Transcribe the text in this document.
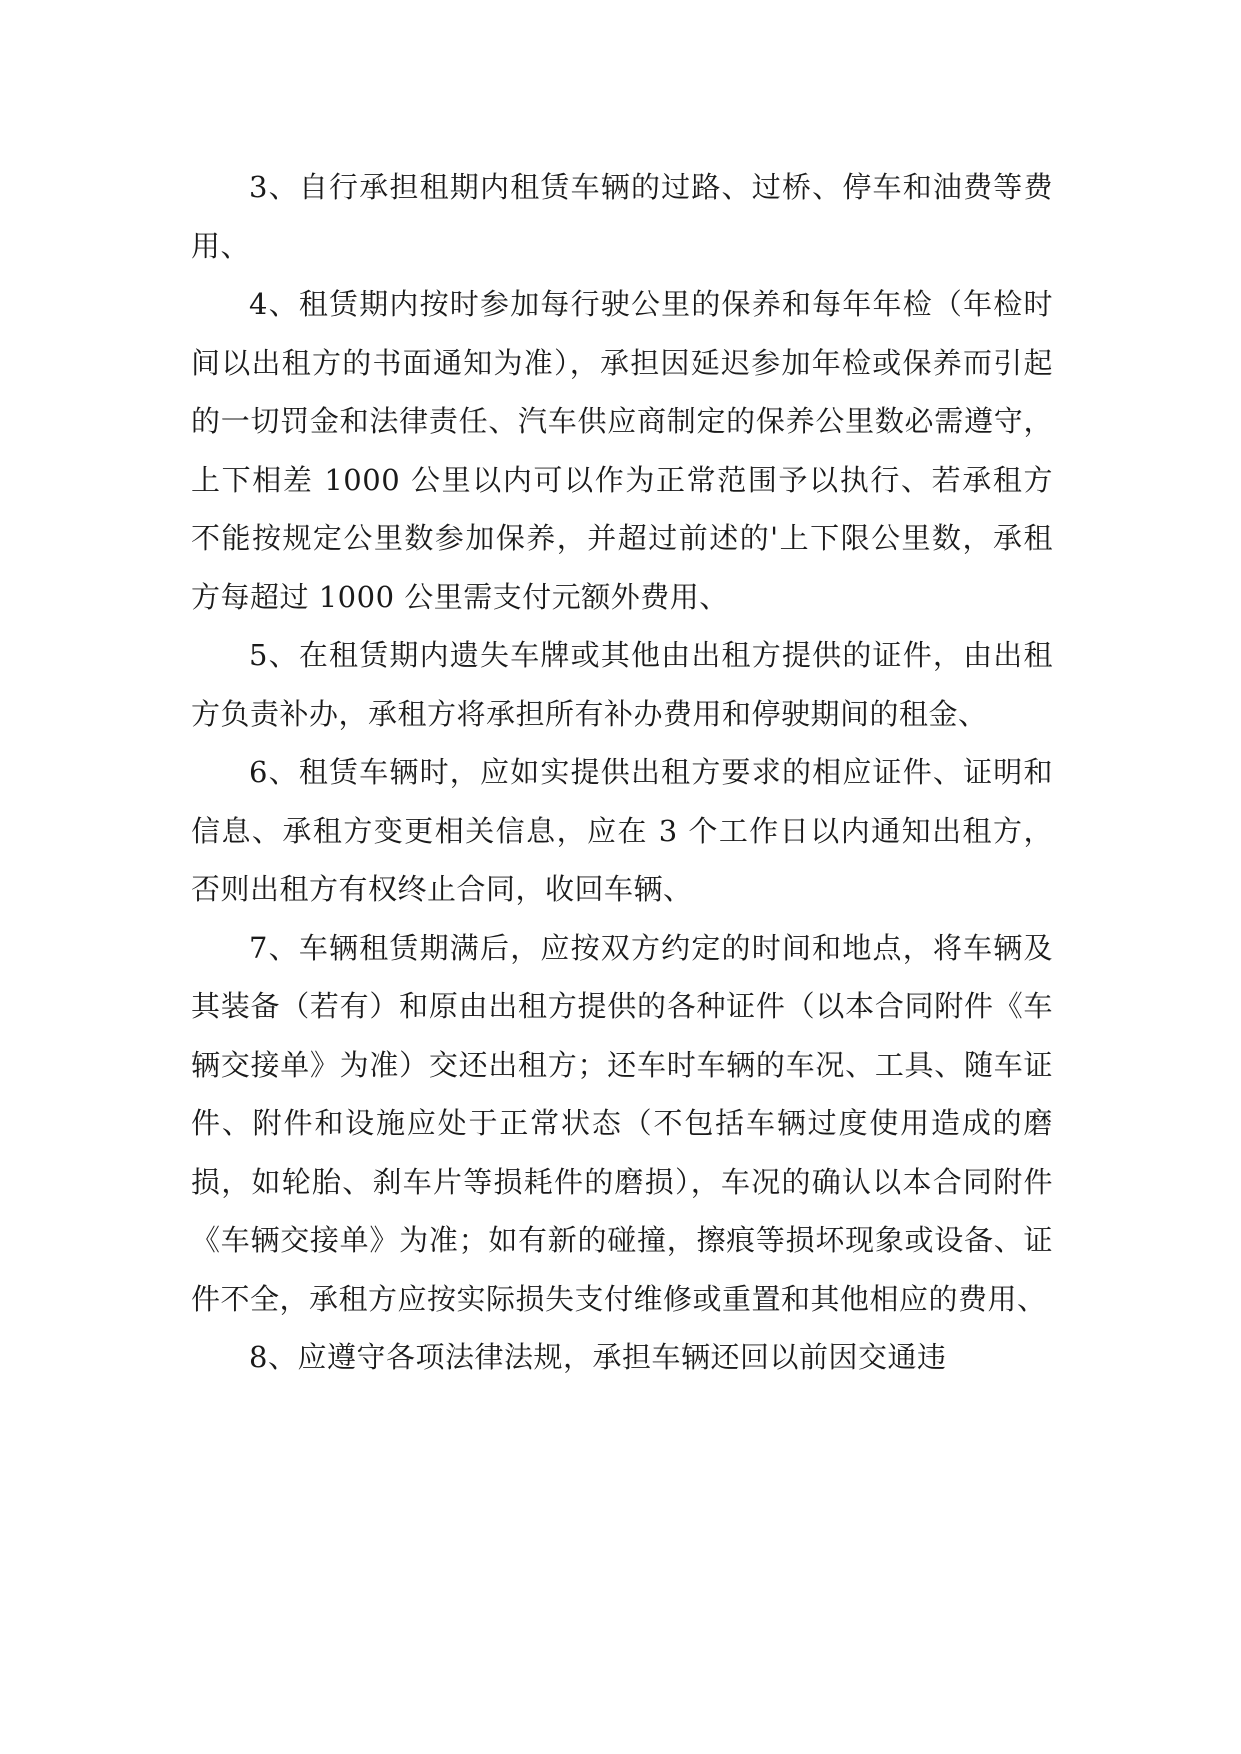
3、自行承担租期内租赁车辆的过路、过桥、停车和油费等费用、

4、租赁期内按时参加每行驶公里的保养和每年年检（年检时间以出租方的书面通知为准），承担因延迟参加年检或保养而引起的一切罚金和法律责任、汽车供应商制定的保养公里数必需遵守，上下相差 1000 公里以内可以作为正常范围予以执行、若承租方不能按规定公里数参加保养，并超过前述的'上下限公里数，承租方每超过 1000 公里需支付元额外费用、

5、在租赁期内遗失车牌或其他由出租方提供的证件，由出租方负责补办，承租方将承担所有补办费用和停驶期间的租金、

6、租赁车辆时，应如实提供出租方要求的相应证件、证明和信息、承租方变更相关信息，应在 3 个工作日以内通知出租方，否则出租方有权终止合同，收回车辆、

7、车辆租赁期满后，应按双方约定的时间和地点，将车辆及其装备（若有）和原由出租方提供的各种证件（以本合同附件《车辆交接单》为准）交还出租方；还车时车辆的车况、工具、随车证件、附件和设施应处于正常状态（不包括车辆过度使用造成的磨损，如轮胎、刹车片等损耗件的磨损），车况的确认以本合同附件《车辆交接单》为准；如有新的碰撞，擦痕等损坏现象或设备、证件不全，承租方应按实际损失支付维修或重置和其他相应的费用、

8、应遵守各项法律法规，承担车辆还回以前因交通违
